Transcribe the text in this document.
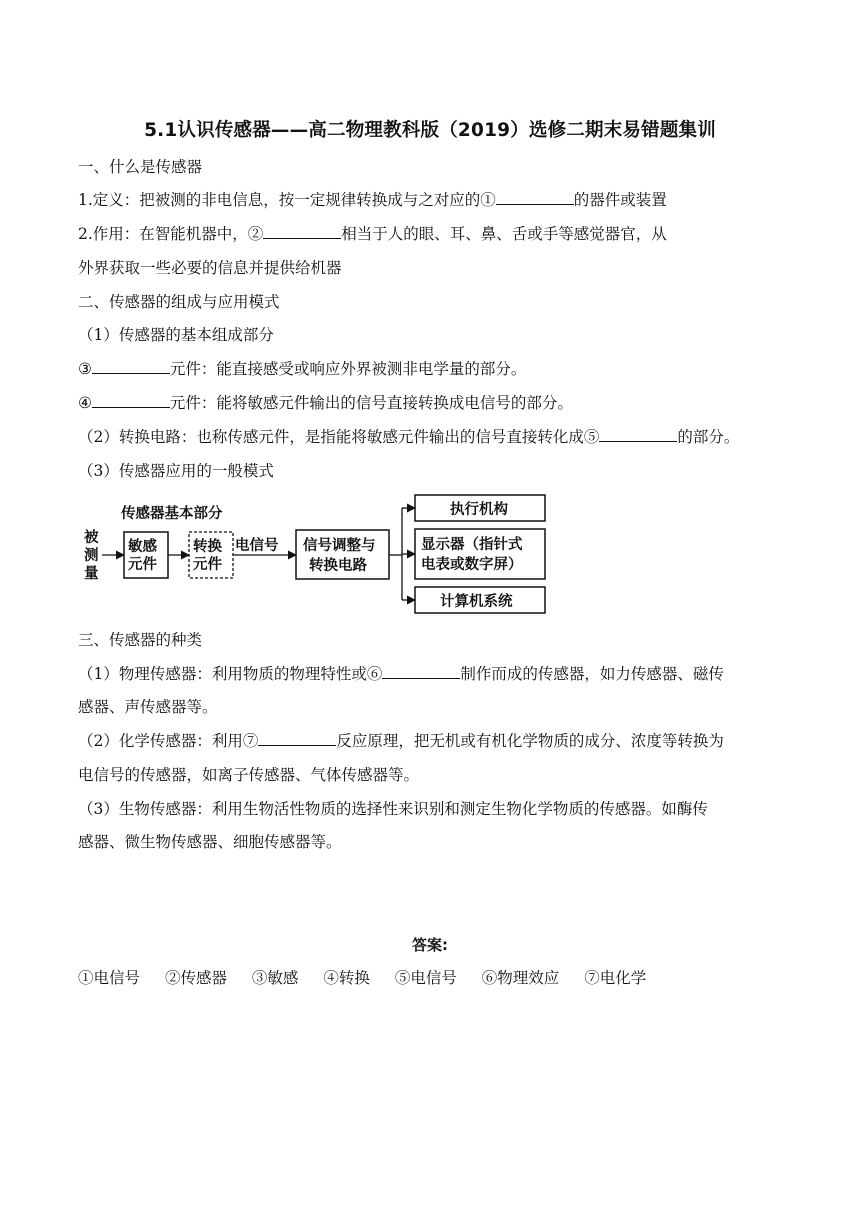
5.1认识传感器——高二物理教科版（2019）选修二期末易错题集训
一、什么是传感器
1.定义：把被测的非电信息，按一定规律转换成与之对应的①	的器件或装置
2.作用：在智能机器中，②	相当于人的眼、耳、鼻、舌或手等感觉器官，从
外界获取一些必要的信息并提供给机器
二、传感器的组成与应用模式
（1）传感器的基本组成部分
③	元件：能直接感受或响应外界被测非电学量的部分。
④	元件：能将敏感元件输出的信号直接转换成电信号的部分。
（2）转换电路：也称传感元件，是指能将敏感元件输出的信号直接转化成⑤	的部分。
（3）传感器应用的一般模式
传感器基本部分
被
测
量
敏感
元件
转换
元件
电信号 信号调整与
转换电路
执行机构
显示器（指针式
电表或数字屏）
计算机系统
三、传感器的种类
（1）物理传感器：利用物质的物理特性或⑥	制作而成的传感器，如力传感器、磁传
感器、声传感器等。
（2）化学传感器：利用⑦	反应原理，把无机或有机化学物质的成分、浓度等转换为
电信号的传感器，如离子传感器、气体传感器等。
（3）生物传感器：利用生物活性物质的选择性来识别和测定生物化学物质的传感器。如酶传
感器、微生物传感器、细胞传感器等。
答案:
①电信号 ②传感器 ③敏感 ④转换 ⑤电信号 ⑥物理效应 ⑦电化学
